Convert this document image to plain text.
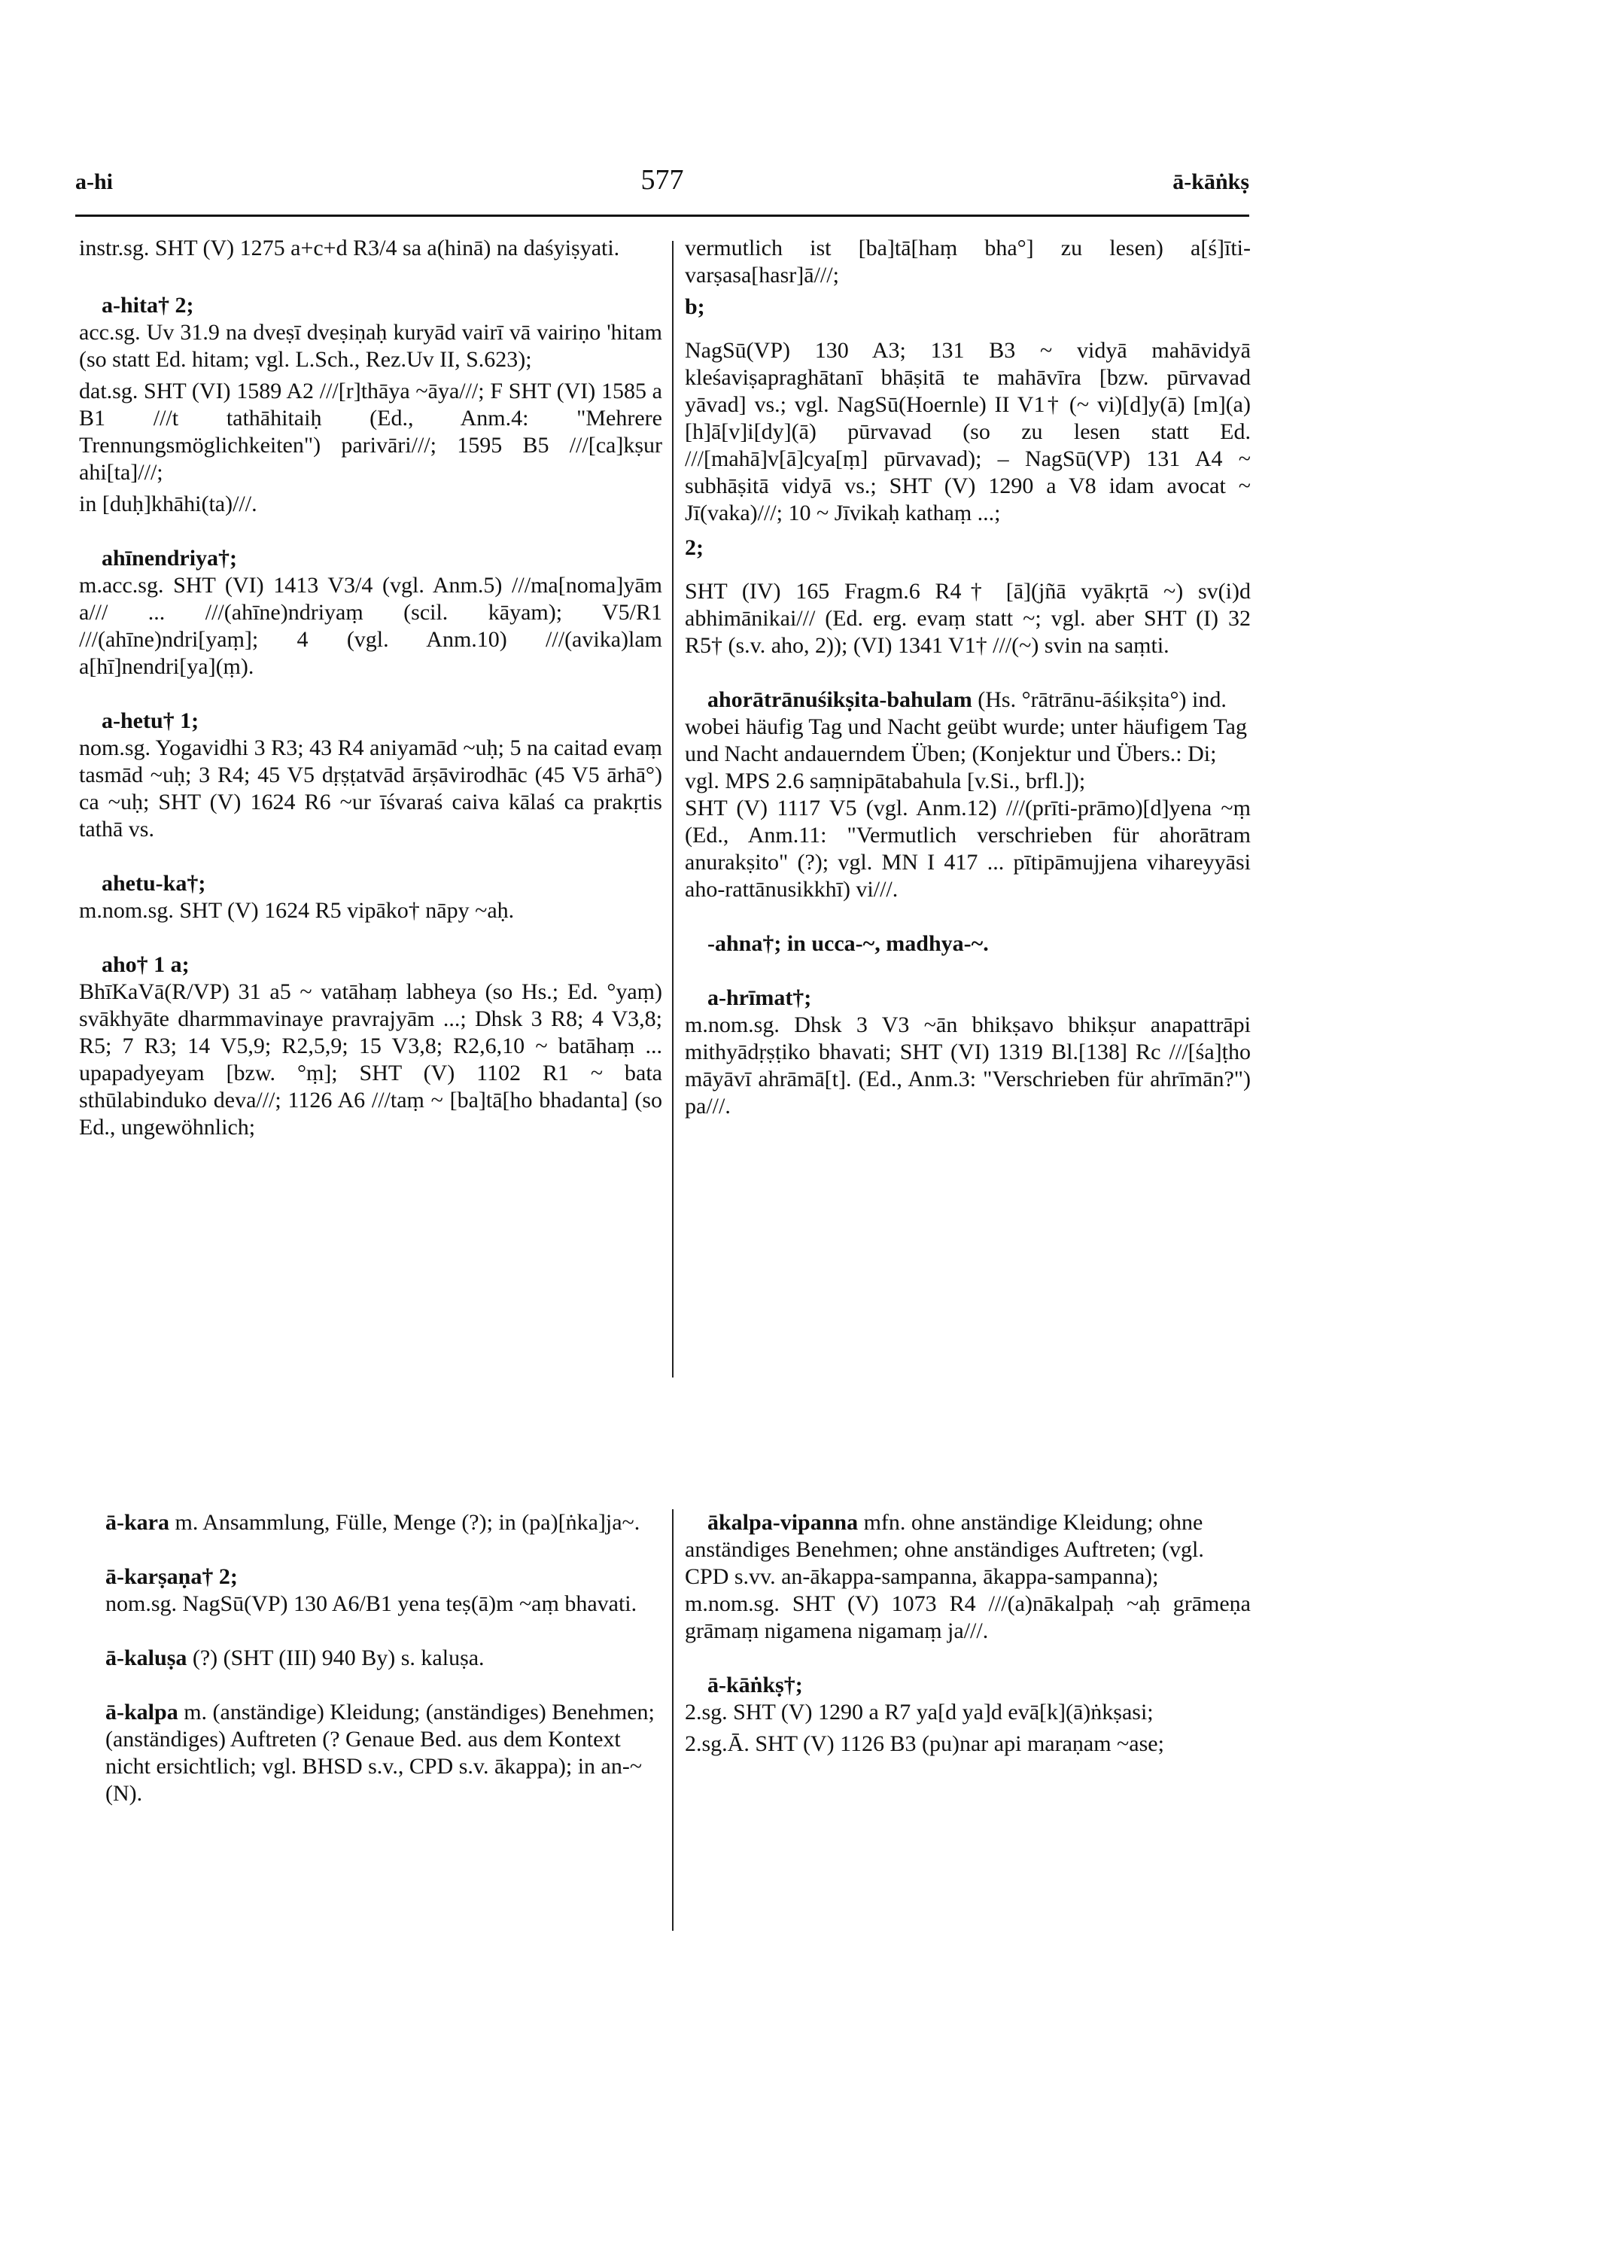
a-hi	577	ā-kāṅkṣ

instr.sg. SHT (V) 1275 a+c+d R3/4 sa a(hinā) na daśyiṣyati.

a-hita† 2;

acc.sg. Uv 31.9 na dveṣī dveṣiṇaḥ kuryād vairī vā vairiṇo 'hitam (so statt Ed. hitam; vgl. L.Sch., Rez.Uv II, S.623);

dat.sg. SHT (VI) 1589 A2 ///[r]thāya ~āya///; F SHT (VI) 1585 a B1 ///t tathāhitaiḥ (Ed., Anm.4: "Mehrere Trennungsmöglichkeiten") parivāri///; 1595 B5 ///[ca]kṣur ahi[ta]///;

in [duḥ]khāhi(ta)///.

ahīnendriya†;

m.acc.sg. SHT (VI) 1413 V3/4 (vgl. Anm.5) ///ma[noma]yām a/// ... ///(ahīne)ndriyaṃ (scil. kāyam); V5/R1 ///(ahīne)ndri[yaṃ]; 4 (vgl. Anm.10) ///(avika)lam a[hī]nendri[ya](ṃ).

a-hetu† 1;

nom.sg. Yogavidhi 3 R3; 43 R4 aniyamād ~uḥ; 5 na caitad evaṃ tasmād ~uḥ; 3 R4; 45 V5 dṛṣṭatvād ārṣāvirodhāc (45 V5 ārhā°) ca ~uḥ; SHT (V) 1624 R6 ~ur īśvaraś caiva kālaś ca prakṛtis tathā vs.

ahetu-ka†;

m.nom.sg. SHT (V) 1624 R5 vipāko† nāpy ~aḥ.

aho† 1 a;

BhīKaVā(R/VP) 31 a5 ~ vatāhaṃ labheya (so Hs.; Ed. °yaṃ) svākhyāte dharmmavinaye pravrajyām ...; Dhsk 3 R8; 4 V3,8; R5; 7 R3; 14 V5,9; R2,5,9; 15 V3,8; R2,6,10 ~ batāhaṃ ... upapadyeyam [bzw. °ṃ]; SHT (V) 1102 R1 ~ bata sthūlabinduko deva///; 1126 A6 ///taṃ ~ [ba]tā[ho bhadanta] (so Ed., ungewöhnlich;

vermutlich ist [ba]tā[haṃ bha°] zu lesen) a[ś]īti-varṣasa[hasr]ā///;

b;

NagSū(VP) 130 A3; 131 B3 ~ vidyā mahāvidyā kleśaviṣapraghātanī bhāṣitā te mahāvīra [bzw. pūrvavad yāvad] vs.; vgl. NagSū(Hoernle) II V1† (~ vi)[d]y(ā) [m](a)[h]ā[v]i[dy](ā) pūrvavad (so zu lesen statt Ed. ///[mahā]v[ā]cya[ṃ] pūrvavad); – NagSū(VP) 131 A4 ~ subhāṣitā vidyā vs.; SHT (V) 1290 a V8 idam avocat ~ Jī(vaka)///; 10 ~ Jīvikaḥ kathaṃ ...;

2;

SHT (IV) 165 Fragm.6 R4† [ā](jñā vyākṛtā ~) sv(i)d abhimānikai/// (Ed. erg. evaṃ statt ~; vgl. aber SHT (I) 32 R5† (s.v. aho, 2)); (VI) 1341 V1† ///(~) svin na saṃti.

ahorātrānuśikṣita-bahulam (Hs. °rātrānu-āśikṣita°) ind. wobei häufig Tag und Nacht geübt wurde; unter häufigem Tag und Nacht andauerndem Üben; (Konjektur und Übers.: Di; vgl. MPS 2.6 saṃnipātabahula [v.Si., brfl.]);

SHT (V) 1117 V5 (vgl. Anm.12) ///(prīti-prāmo)[d]yena ~ṃ (Ed., Anm.11: "Vermutlich verschrieben für ahorātram anurakṣito" (?); vgl. MN I 417 ... pītipāmujjena vihareyyāsi aho-rattānusikkhī) vi///.

-ahna†; in ucca-~, madhya-~.
a-hrīmat†;

m.nom.sg. Dhsk 3 V3 ~ān bhikṣavo bhikṣur anapattrāpi mithyādṛṣṭiko bhavati; SHT (VI) 1319 Bl.[138] Rc ///[śa]ṭho māyāvī ahrāmā[t]. (Ed., Anm.3: "Verschrieben für ahrīmān?") pa///.

ā-kara m. Ansammlung, Fülle, Menge (?); in (pa)[ṅka]ja~.
ā-karṣaṇa† 2;

nom.sg. NagSū(VP) 130 A6/B1 yena teṣ(ā)m ~aṃ bhavati.

ā-kaluṣa (?) (SHT (III) 940 By) s. kaluṣa.
ā-kalpa m. (anständige) Kleidung; (anständiges) Benehmen; (anständiges) Auftreten (? Genaue Bed. aus dem Kontext nicht ersichtlich; vgl. BHSD s.v., CPD s.v. ākappa); in an-~ (N).
ākalpa-vipanna mfn. ohne anständige Kleidung; ohne anständiges Benehmen; ohne anständiges Auftreten; (vgl. CPD s.vv. an-ākappa-sampanna, ākappa-sampanna);

m.nom.sg. SHT (V) 1073 R4 ///(a)nākalpaḥ ~aḥ grāmeṇa grāmaṃ nigamena nigamaṃ ja///.

ā-kāṅkṣ†;

2.sg. SHT (V) 1290 a R7 ya[d ya]d evā[k](ā)ṅkṣasi;

2.sg.Ā. SHT (V) 1126 B3 (pu)nar api maraṇam ~ase;
